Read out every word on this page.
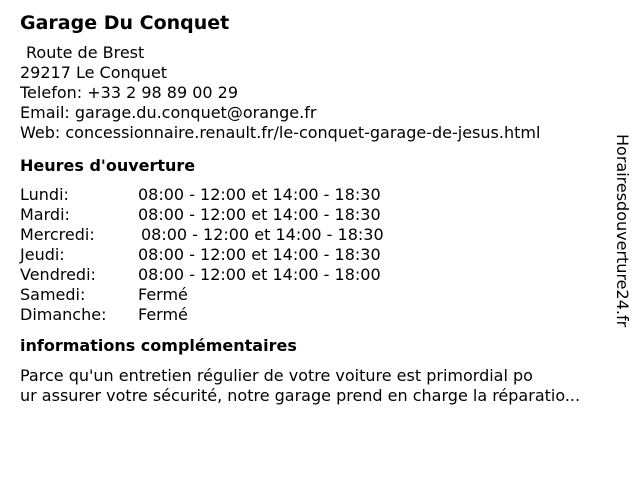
Garage Du Conquet
Route de Brest
29217 Le Conquet
Telefon: +33 2 98 89 00 29
Email: garage.du.conquet@orange.fr
Web: concessionnaire.renault.fr/le-conquet-garage-de-jesus.html
Heures d'ouverture
Lundi:	08:00 - 12:00 et 14:00 - 18:30
Mardi:	08:00 - 12:00 et 14:00 - 18:30
Mercredi:	08:00 - 12:00 et 14:00 - 18:30
Jeudi:	08:00 - 12:00 et 14:00 - 18:30
Vendredi:	08:00 - 12:00 et 14:00 - 18:00
Samedi:	Fermé
Dimanche:	Fermé
informations complémentaires
Parce qu'un entretien régulier de votre voiture est primordial po
ur assurer votre sécurité, notre garage prend en charge la réparatio...
Horairesdouverture24.fr
